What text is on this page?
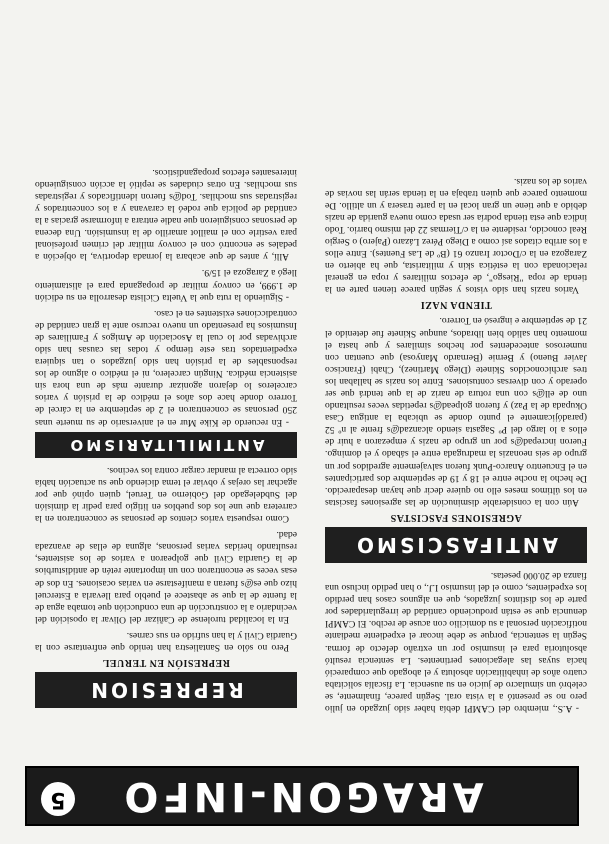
ARAGON-INFO
5

- A.S., miembro del CAMPI debía haber sido juzgado en julio pero no se presentó a la vista oral. Según parece, finalmente, se celebró un simulacro de juicio en su ausencia. La fiscalía solicitaba cuatro años de inhabilitación absoluta y el abogado que compareció hacía suyas las alegaciones pertinentes. La sentencia resultó absolutoria para el insumiso por un extraño defecto de forma. Según la sentencia, porque se debe incoar el expediente mediante notificación personal a su domicilio con acuse de recibo. El CAMPI denuncia que se están produciendo cantidad de irregularidades por parte de los distintos juzgados, que en algunos casos han perdido los expedientes, como el del insumiso I.J., o han pedido incluso una fianza de 20.000 pesetas.

ANTIFASCISMO
AGRESIONES FASCISTAS

Aún con la considerable disminución de las agresiones fascistas en los últimos meses ello no quiere decir que hayan desaparecido. De hecho la noche entre el 18 y 19 de septiembre dos participantes en el Encuentro Anarco-Punk fueron salvajemente agredidos por un grupo de seis neonazis la madrugada entre el sábado y el domingo. Fueron increpad@s por un grupo de nazis y empezaron a huir de ellos a lo largo del Pº Sagasta siendo alcanzad@s frente al nº 52 (paradójicamente el punto donde se ubicaba la antigua Casa Okupada de la Paz) y fueron golpead@s repetidas veces resultando uno de ell@s con una rotura de nariz de la que tendrá que ser operado y con diversas contusiones. Entre los nazis se hallaban los tres archiconocidos Skinete (Diego Martinez), Chabi (Francisco Javier Bueno) y Bernie (Bernardo Manyosa) que cuentan con numerosos antecedentes por hechos similares y que hasta el momento han salido bien librados, aunque Skinete fue detenido el 21 de septiembre e ingresó en Torrero.

TIENDA NAZI

Varios nazis han sido vistos y según parece tienen parte en la tienda de ropa "Riesgo", de efectos militares y ropa en general relacionada con la estética skin y militarista, que ha abierto en Zaragoza en la c/Doctor Iranzo 61 (Bº de Las Fuentes). Entre ellos a los arriba citados así como a Diego Pérez Lázaro (Pajero) o Sergio Real conocido, residente en la c/Tiermas 22 del mismo barrio. Todo indica que esta tienda podría ser usada como nueva guarida de nazis debido a que tiene un gran local en la parte trasera y un altillo. De momento parece que quien trabaja en la tienda serán las novias de varios de los nazis.

REPRESION
REPRESIÓN EN TERUEL

Pero no sólo en Santaliestra han tenido que enfrentarse con la Guardia Civil y la han sufrido en sus carnes.

En la localidad turolense de Cañizar del Olivar la oposición del vecindario a la construcción de una conducción que tomaba agua de la fuente de la que se abastece el pueblo para llevarla a Estercuel hizo que es@s fueran a manifestarse en varias ocasiones. En dos de esas veces se encontraron con un importante retén de antidisturbios de la Guardia Civil que golpearon a varios de los asistentes, resultando heridas varias personas, alguna de ellas de avanzada edad.

Como respuesta varios cientos de personas se concentraron en la carretera que une los dos pueblos en litigio para pedir la dimisión del Subdelegado del Gobierno en Teruel, quien opinó que por agachar las orejas y obviar el tema diciendo que su actuación había sido correcta al mandar cargar contra los vecinos.

ANTIMILITARISMO

- En recuerdo de Kike Mur en el aniversario de su muerte unas 250 personas se concentraron el 2 de septiembre en la cárcel de Torrero donde hace dos años el médico de la prisión y varios carceleros lo dejaron agonizar durante más de una hora sin asistencia médica. Ningún carcelero, ni el médico o alguno de los responsables de la prisión han sido juzgados o tan siquiera expedientados tras este tiempo y todas las causas han sido archivadas por lo cual la Asociación de Amigos y Familiares de Insumisos ha presentado un nuevo recurso ante la gran cantidad de contradicciones existentes en el caso.

- Siguiendo la ruta que la Vuelta Ciclista desarrolla en su edición de 1.999, en convoy militar de propaganda para el alistamiento llegó a Zaragoza el 15/9.

Allí, y antes de que acabara la jornada deportiva, la objeción a pedales se encontró con el convoy militar del crimen profesional para vestirle con el maillot amarillo de la insumisión. Una decena de personas consiguieron que nadie entrara a informarse gracias a la cantidad de policía que rodeó la caravana y a los concentrados y registradas sus mochilas. Tod@s fueron identificados y registradas sus mochilas. En otras ciudades se repitió la acción consiguiendo interesantes efectos propagandísticos.
